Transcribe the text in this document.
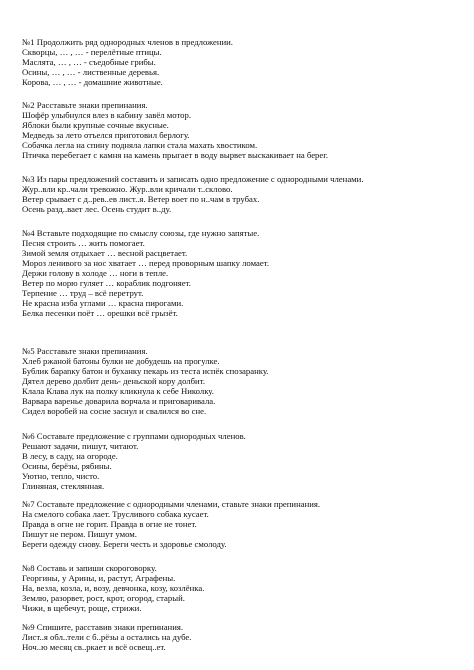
№1 Продолжить ряд однородных членов в предложении.
Скворцы, … , … - перелётные птицы.
Маслята, … , … - съедобные грибы.
Осины, … , … - лиственные деревья.
Корова, … , … - домашние животные.
№2 Расставьте знаки препинания.
Шофёр улыбнулся влез в кабину завёл мотор.
Яблоки были крупные сочные вкусные.
Медведь за лето отъелся приготовил берлогу.
Собачка легла на спину подняла лапки стала махать хвостиком.
Птичка перебегает с камня на камень прыгает в воду вырвет выскакивает на берег.
№3 Из пары предложений составить и записать одно предложение с однородными членами.
Жур..вли кр..чали тревожно. Жур..вли кричали т..склово.
Ветер срывает с д..рев..ев лист..я. Ветер воет по н..чам в трубах.
Осень разд..вает лес. Осень студит в..ду.
№4 Вставьте подходящие по смыслу союзы, где нужно запятые.
Песня строить … жить помогает.
Зимой земля отдыхает … весной расцветает.
Мороз ленивого за нос хватает … перед проворным шапку ломает.
Держи голову в холоде … ноги в тепле.
Ветер по морю гуляет … кораблик подгоняет.
Терпение … труд – всё перетрут.
Не красна изба углами … красна пирогами.
Белка песенки поёт … орешки всё грызёт.
№5 Расставьте знаки препинания.
Хлеб ржаной батоны булки не добудешь на прогулке.
Бублик бараnку батон и буханку пекарь из теста испёк спозаранку.
Дятел дерево долбит день- деньской кору долбит.
Клала Клава лук на полку кликнула к себе Николку.
Варвара варенье доварила ворчала и приговаривала.
Сидел воробей на сосне заснул и свалился во сне.
№6 Составьте предложение с группами однородных членов.
Решают задачи, пишут, читают.
В лесу, в саду, на огороде.
Осины, берёзы, рябины.
Уютно, тепло, чисто.
Глиняная, стеклянная.
№7 Составьте предложение с однородными членами, ставьте знаки препинания.
На смелого собака лает. Трусливого собака кусает.
Правда в огне не горит. Правда в огне не тонет.
Пишут не пером. Пишут умом.
Береги одежду снову. Береги честь и здоровье смолоду.
№8 Составь и запиши скороговорку.
Георгины, у Арины, и, растут, Аграфены.
На, везла, козла, и, возу, девчонка, козу, козлёнка.
Землю, разорвет, рост, крот, огород, старый.
Чижи, в щебечут, роще, стрижи.
№9 Спишите, расставив знаки препинания.
Лист..я обл..тели с б..рёзы а остались на дубе.
Ноч..ю месяц св..ркает и всё освещ..ет.
